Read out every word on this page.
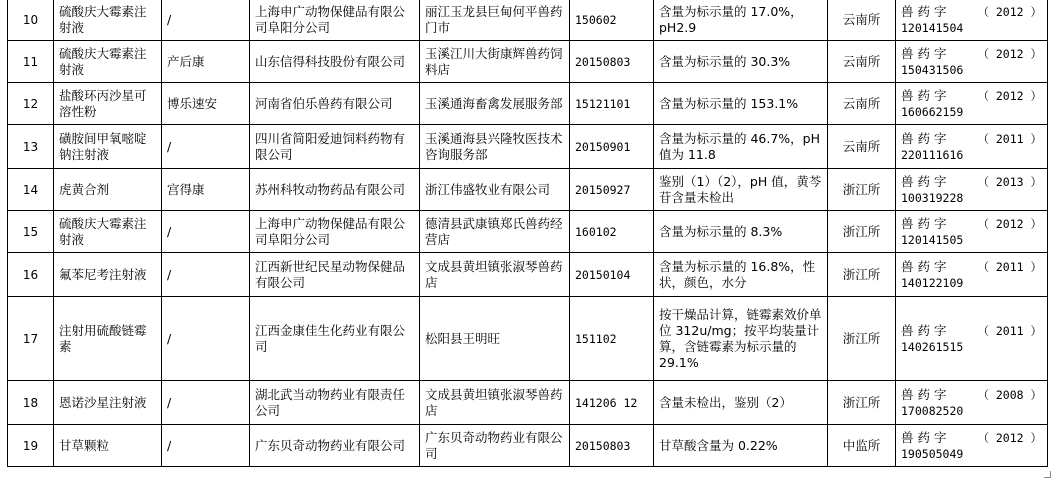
10	硫酸庆大霉素注射液	/	上海申广动物保健品有限公司阜阳分公司	丽江玉龙县巨甸何平兽药门市	150602	含量为标示量的 17.0%，pH2.9	云南所	兽 药 字 （ 2012 ）
120141504

11	硫酸庆大霉素注射液	产后康	山东信得科技股份有限公司	玉溪江川大街康辉兽药饲料店	20150803	含量为标示量的 30.3%	云南所	兽 药 字 （ 2012 ）
150431506

12	盐酸环丙沙星可溶性粉	博乐速安	河南省伯乐兽药有限公司	玉溪通海畜禽发展服务部	15121101	含量为标示量的 153.1%	云南所	兽 药 字 （ 2012 ）
160662159

13	磺胺间甲氧嘧啶钠注射液	/	四川省简阳爱迪饲料药物有限公司	玉溪通海县兴隆牧医技术咨询服务部	20150901	含量为标示量的 46.7%，pH 值为 11.8	云南所	兽 药 字 （ 2011 ）
220111616

14	虎黄合剂	宫得康	苏州科牧动物药品有限公司	浙江伟盛牧业有限公司	20150927	鉴别（1）（2），pH 值，黄芩苷含量未检出	浙江所	兽 药 字 （ 2013 ）
100319228

15	硫酸庆大霉素注射液	/	上海申广动物保健品有限公司阜阳分公司	德清县武康镇郑氏兽药经营店	160102	含量为标示量的 8.3%	浙江所	兽 药 字 （ 2012 ）
120141505

16	氟苯尼考注射液	/	江西新世纪民星动物保健品有限公司	文成县黄坦镇张淑琴兽药店	20150104	含量为标示量的 16.8%，性状，颜色，水分	浙江所	兽 药 字 （ 2011 ）
140122109

17	注射用硫酸链霉素	/	江西金康佳生化药业有限公司	松阳县王明旺	151102	按干燥品计算，链霉素效价单位 312u/mg；按平均装量计算，含链霉素为标示量的 29.1%	浙江所	兽 药 字 （ 2011 ）
140261515

18	恩诺沙星注射液	/	湖北武当动物药业有限责任公司	文成县黄坦镇张淑琴兽药店	141206 12	含量未检出，鉴别（2）	浙江所	兽 药 字 （ 2008 ）
170082520

19	甘草颗粒	/	广东贝奇动物药业有限公司	广东贝奇动物药业有限公司	20150803	甘草酸含量为 0.22%	中监所	兽 药 字 （ 2012 ）
190505049
